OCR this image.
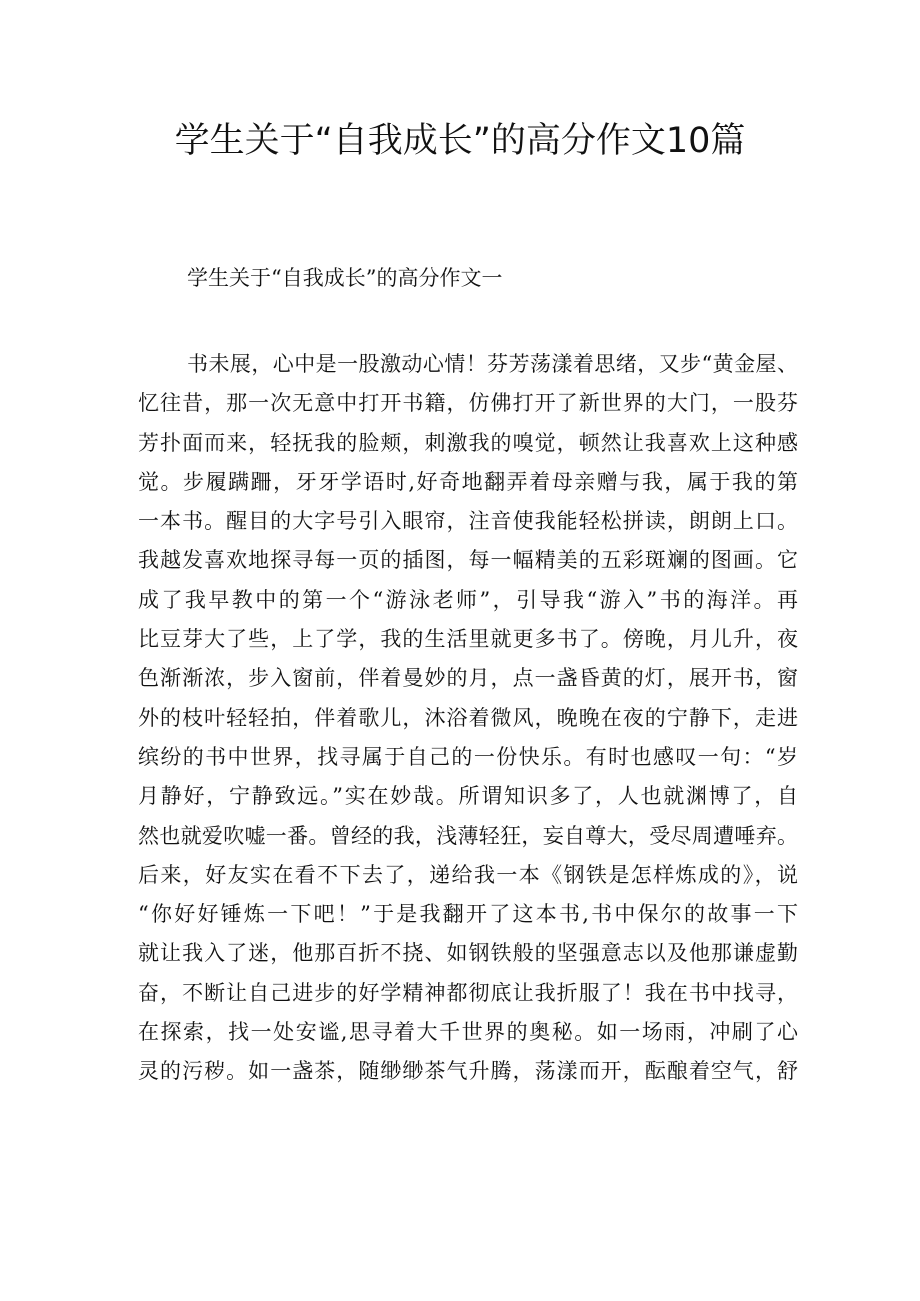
学生关于“自我成长”的高分作文10篇

学生关于“自我成长”的高分作文一

书未展，心中是一股激动心情！芬芳荡漾着思绪，又步“黄金屋、
忆往昔，那一次无意中打开书籍，仿佛打开了新世界的大门，一股芬
芳扑面而来，轻抚我的脸颊，刺激我的嗅觉，顿然让我喜欢上这种感
觉。步履蹒跚，牙牙学语时,好奇地翻弄着母亲赠与我，属于我的第
一本书。醒目的大字号引入眼帘，注音使我能轻松拼读，朗朗上口。
我越发喜欢地探寻每一页的插图，每一幅精美的五彩斑斓的图画。它
成了我早教中的第一个“游泳老师”，引导我“游入”书的海洋。再
比豆芽大了些，上了学，我的生活里就更多书了。傍晚，月儿升，夜
色渐渐浓，步入窗前，伴着曼妙的月，点一盏昏黄的灯，展开书，窗
外的枝叶轻轻拍，伴着歌儿，沐浴着微风，晚晚在夜的宁静下，走进
缤纷的书中世界，找寻属于自己的一份快乐。有时也感叹一句：“岁
月静好，宁静致远。”实在妙哉。所谓知识多了，人也就渊博了，自
然也就爱吹嘘一番。曾经的我，浅薄轻狂，妄自尊大，受尽周遭唾弃。
后来，好友实在看不下去了，递给我一本《钢铁是怎样炼成的》，说
“你好好锤炼一下吧！”于是我翻开了这本书,书中保尔的故事一下
就让我入了迷，他那百折不挠、如钢铁般的坚强意志以及他那谦虚勤
奋，不断让自己进步的好学精神都彻底让我折服了！我在书中找寻，
在探索，找一处安谧,思寻着大千世界的奥秘。如一场雨，冲刷了心
灵的污秽。如一盏茶，随缈缈茶气升腾，荡漾而开，酝酿着空气，舒
